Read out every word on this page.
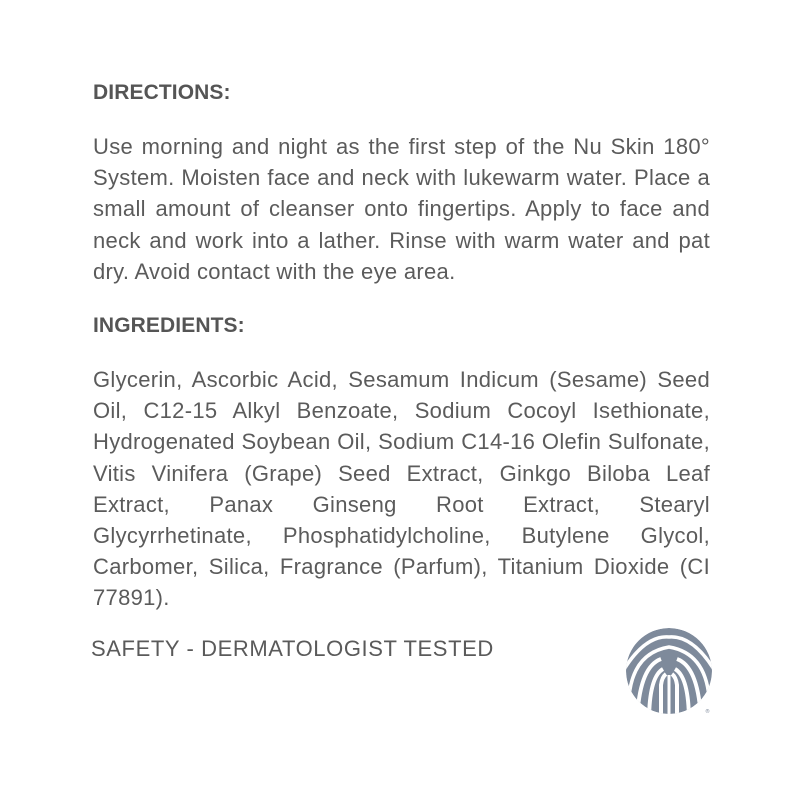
DIRECTIONS:

Use morning and night as the first step of the Nu Skin 180° System. Moisten face and neck with lukewarm water. Place a small amount of cleanser onto fingertips. Apply to face and neck and work into a lather. Rinse with warm water and pat dry. Avoid contact with the eye area.

INGREDIENTS:

Glycerin, Ascorbic Acid, Sesamum Indicum (Sesame) Seed Oil, C12-15 Alkyl Benzoate, Sodium Cocoyl Isethionate, Hydrogenated Soybean Oil, Sodium C14-16 Olefin Sulfonate, Vitis Vinifera (Grape) Seed Extract, Ginkgo Biloba Leaf Extract, Panax Ginseng Root Extract, Stearyl Glycyrrhetinate, Phosphatidylcholine, Butylene Glycol, Carbomer, Silica, Fragrance (Parfum), Titanium Dioxide (CI 77891).

SAFETY - DERMATOLOGIST TESTED

®
